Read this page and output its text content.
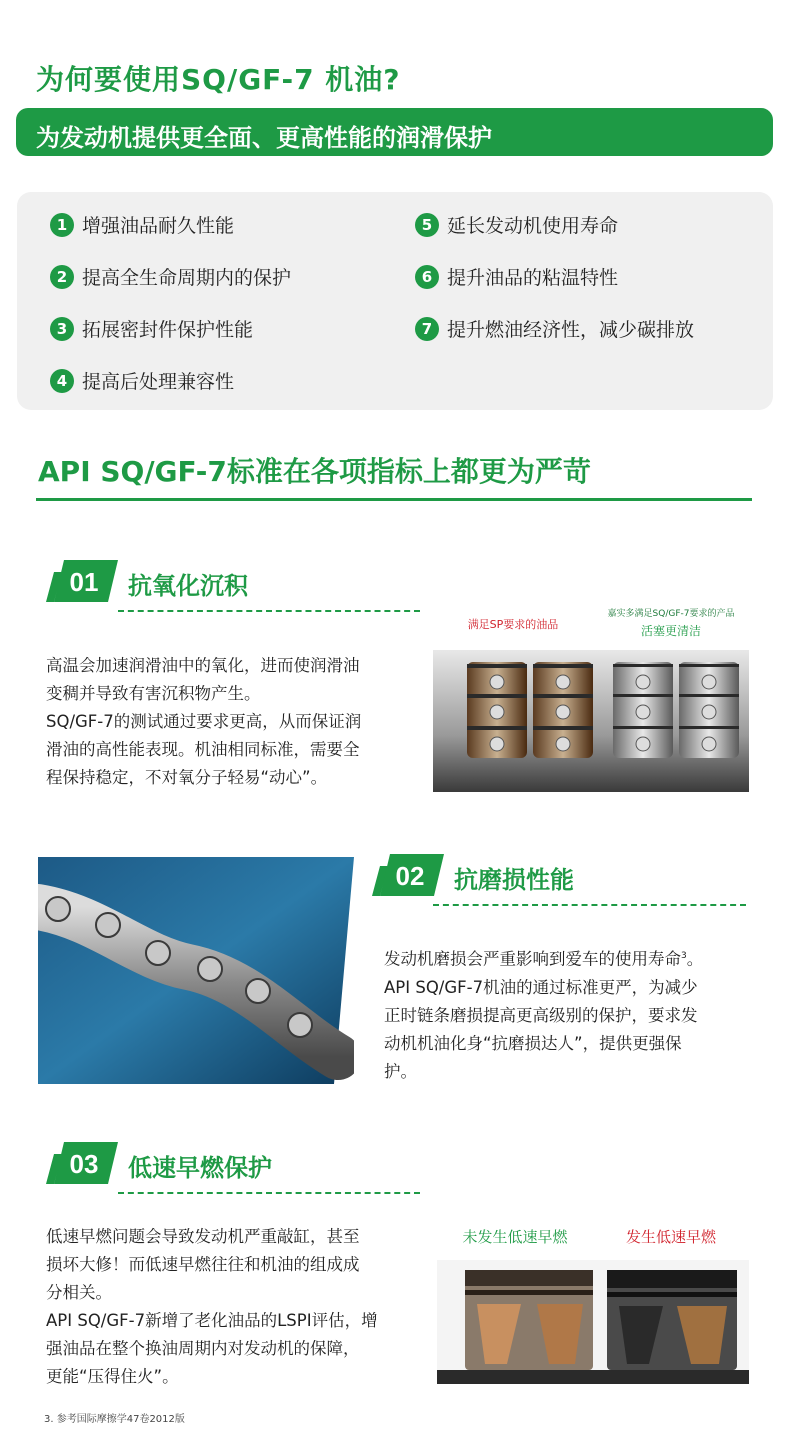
为何要使用SQ/GF-7 机油?
为发动机提供更全面、更高性能的润滑保护
1 增强油品耐久性能
2 提高全生命周期内的保护
3 拓展密封件保护性能
4 提高后处理兼容性
5 延长发动机使用寿命
6 提升油品的粘温特性
7 提升燃油经济性，减少碳排放
API SQ/GF-7标准在各项指标上都更为严苛
01 抗氧化沉积
高温会加速润滑油中的氧化，进而使润滑油
变稠并导致有害沉积物产生。
SQ/GF-7的测试通过要求更高，从而保证润
滑油的高性能表现。机油相同标准，需要全
程保持稳定，不对氧分子轻易“动心”。
满足SP要求的油品
嘉实多满足SQ/GF-7要求的产品
活塞更清洁
02 抗磨损性能
发动机磨损会严重影响到爱车的使用寿命$^3$。
API SQ/GF-7机油的通过标准更严，为减少
正时链条磨损提高更高级别的保护，要求发
动机机油化身“抗磨损达人”，提供更强保
护。
03 低速早燃保护
低速早燃问题会导致发动机严重敲缸，甚至
损坏大修！而低速早燃往往和机油的组成成
分相关。
API SQ/GF-7新增了老化油品的LSPI评估，增
强油品在整个换油周期内对发动机的保障，
更能“压得住火”。
未发生低速早燃	发生低速早燃
3. 参考国际摩擦学47卷2012版
